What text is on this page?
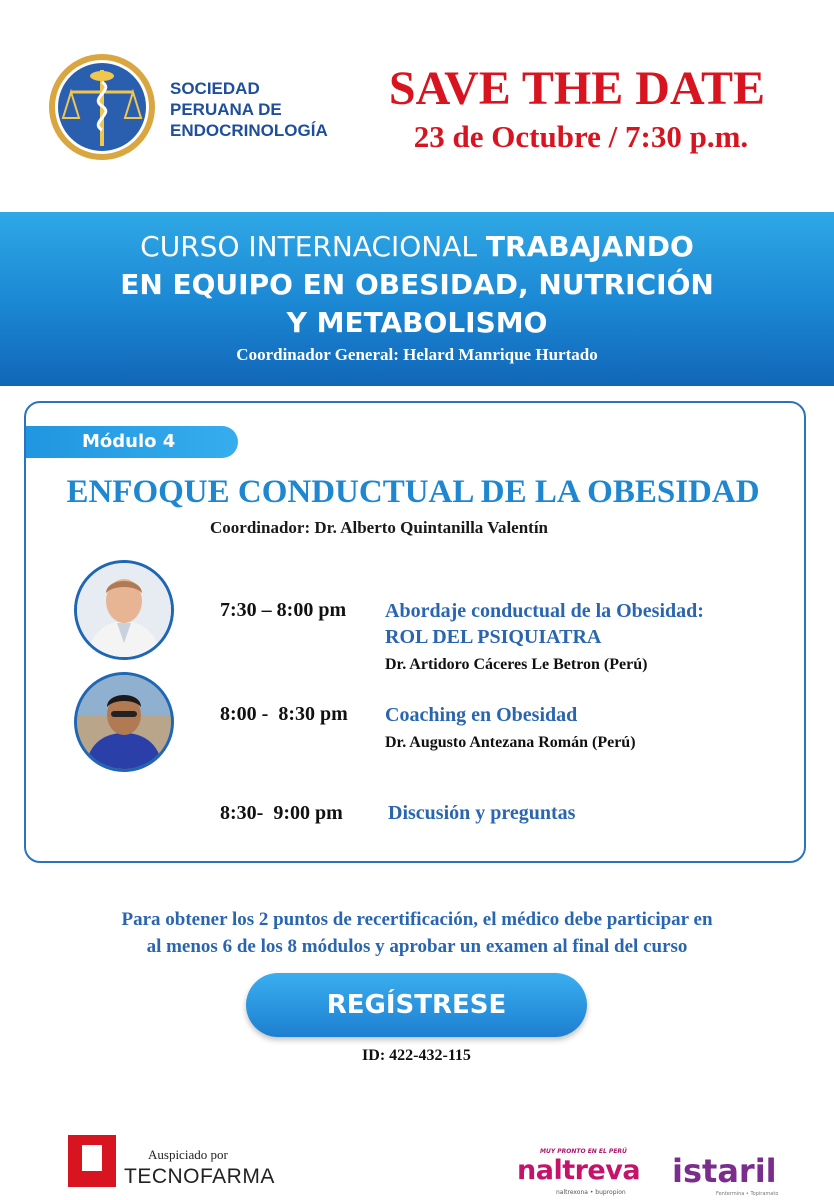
SOCIEDAD
PERUANA DE
ENDOCRINOLOGÍA
SAVE THE DATE
23 de Octubre / 7:30 p.m.
CURSO INTERNACIONAL TRABAJANDO
EN EQUIPO EN OBESIDAD, NUTRICIÓN
Y METABOLISMO
Coordinador General: Helard Manrique Hurtado
Módulo 4
ENFOQUE CONDUCTUAL DE LA OBESIDAD
Coordinador: Dr. Alberto Quintanilla Valentín
7:30 – 8:00 pm Abordaje conductual de la Obesidad:
ROL DEL PSIQUIATRA
Dr. Artidoro Cáceres Le Betron (Perú)
8:00 -  8:30 pm Coaching en Obesidad
Dr. Augusto Antezana Román (Perú)
8:30-  9:00 pm Discusión y preguntas
Para obtener los 2 puntos de recertificación, el médico debe participar en
al menos 6 de los 8 módulos y aprobar un examen al final del curso
REGÍSTRESE
ID: 422-432-115
Auspiciado por
TECNOFARMA
MUY PRONTO EN EL PERÚ
naltreva
naltrexona • bupropion
istaril
Fentermina • Topiramato
